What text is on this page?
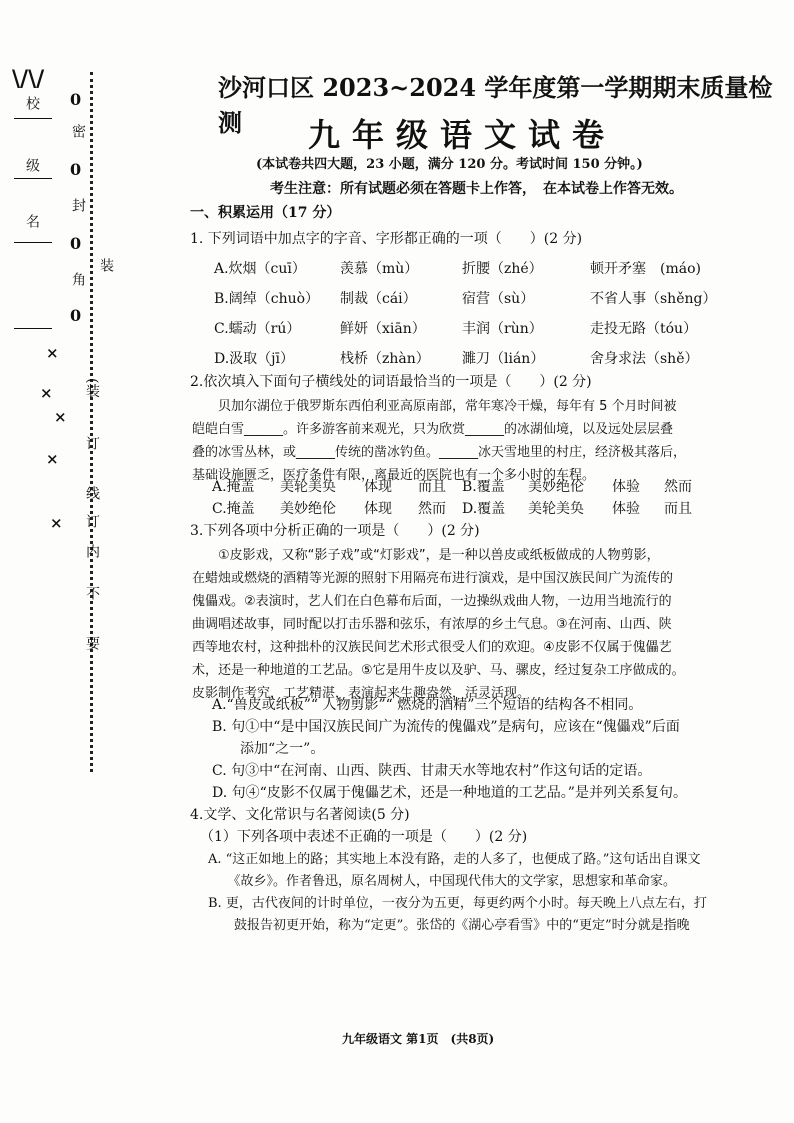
\/\/
校
级
名
0
密
0
封
0
角
0
装
×
×
×
×
×
(装
订
线
订
内
不
要
沙河口区 2023~2024 学年度第一学期期末质量检测	九年级语文试卷
(本试卷共四大题，23 小题，满分 120 分。考试时间 150 分钟。)
考生注意：所有试题必须在答题卡上作答，　在本试卷上作答无效。
一、积累运用（17 分）
1. 下列词语中加点字的字音、字形都正确的一项（　　）(2 分)
A.炊烟（cuī） 羡慕（mù）	折腰（zhé）	顿开矛塞　(máo)
B.阔绰（chuò） 制裁（cái）	宿营（sù）	不省人事（shěng）
C.蠕动（rú）	鲜妍（xiān）	丰润（rùn）	走投无路（tóu）
D.汲取（jī）	栈桥（zhàn） 濉刀（lián）	舍身求法（shě）
2.依次填入下面句子横线处的词语最恰当的一项是（　　）(2 分)
　　贝加尔湖位于俄罗斯东西伯利亚高原南部，常年寒冷干燥，每年有 5 个月时间被
皑皑白雪______。许多游客前来观光，只为欣赏______的冰湖仙境，以及远处层层叠
叠的冰雪丛林，或______传统的凿冰钓鱼。______冰天雪地里的村庄，经济极其落后，
基础设施匮乏，医疗条件有限，离最近的医院也有一个多小时的车程。
A.掩盖 美轮美奂 体现 而且 B.覆盖 美妙绝伦 体验 然而
C.掩盖 美妙绝伦 体现 然而 D.覆盖 美轮美奂 体验 而且
3.下列各项中分析正确的一项是（　　）(2 分)
　　①皮影戏，又称“影子戏”或“灯影戏”，是一种以兽皮或纸板做成的人物剪影，
在蜡烛或燃烧的酒精等光源的照射下用隔亮布进行演戏，是中国汉族民间广为流传的
傀儡戏。②表演时，艺人们在白色幕布后面，一边操纵戏曲人物，一边用当地流行的
曲调唱述故事，同时配以打击乐器和弦乐，有浓厚的乡土气息。③在河南、山西、陕
西等地农村，这种拙朴的汉族民间艺术形式很受人们的欢迎。④皮影不仅属于傀儡艺
术，还是一种地道的工艺品。⑤它是用牛皮以及驴、马、骡皮，经过复杂工序做成的。
皮影制作考究，工艺精湛，表演起来生趣盎然，活灵活现。
A.“兽皮或纸板”“ 人物剪影”“ 燃烧的酒精”三个短语的结构各不相同。
B. 句①中“是中国汉族民间广为流传的傀儡戏”是病句，应该在“傀儡戏”后面
　　添加“之一”。
C. 句③中“在河南、山西、陕西、甘肃天水等地农村”作这句话的定语。
D. 句④“皮影不仅属于傀儡艺术，还是一种地道的工艺品。”是并列关系复句。
4.文学、文化常识与名著阅读(5 分)
（1）下列各项中表述不正确的一项是（　　）(2 分)
A. “这正如地上的路；其实地上本没有路，走的人多了，也便成了路。”这句话出自课文
　　《故乡》。作者鲁迅，原名周树人，中国现代伟大的文学家，思想家和革命家。
B. 更，古代夜间的计时单位，一夜分为五更，每更约两个小时。每天晚上八点左右，打
　　鼓报告初更开始，称为“定更”。张岱的《湖心亭看雪》中的“更定”时分就是指晚
九年级语文 第1页　(共8页)
